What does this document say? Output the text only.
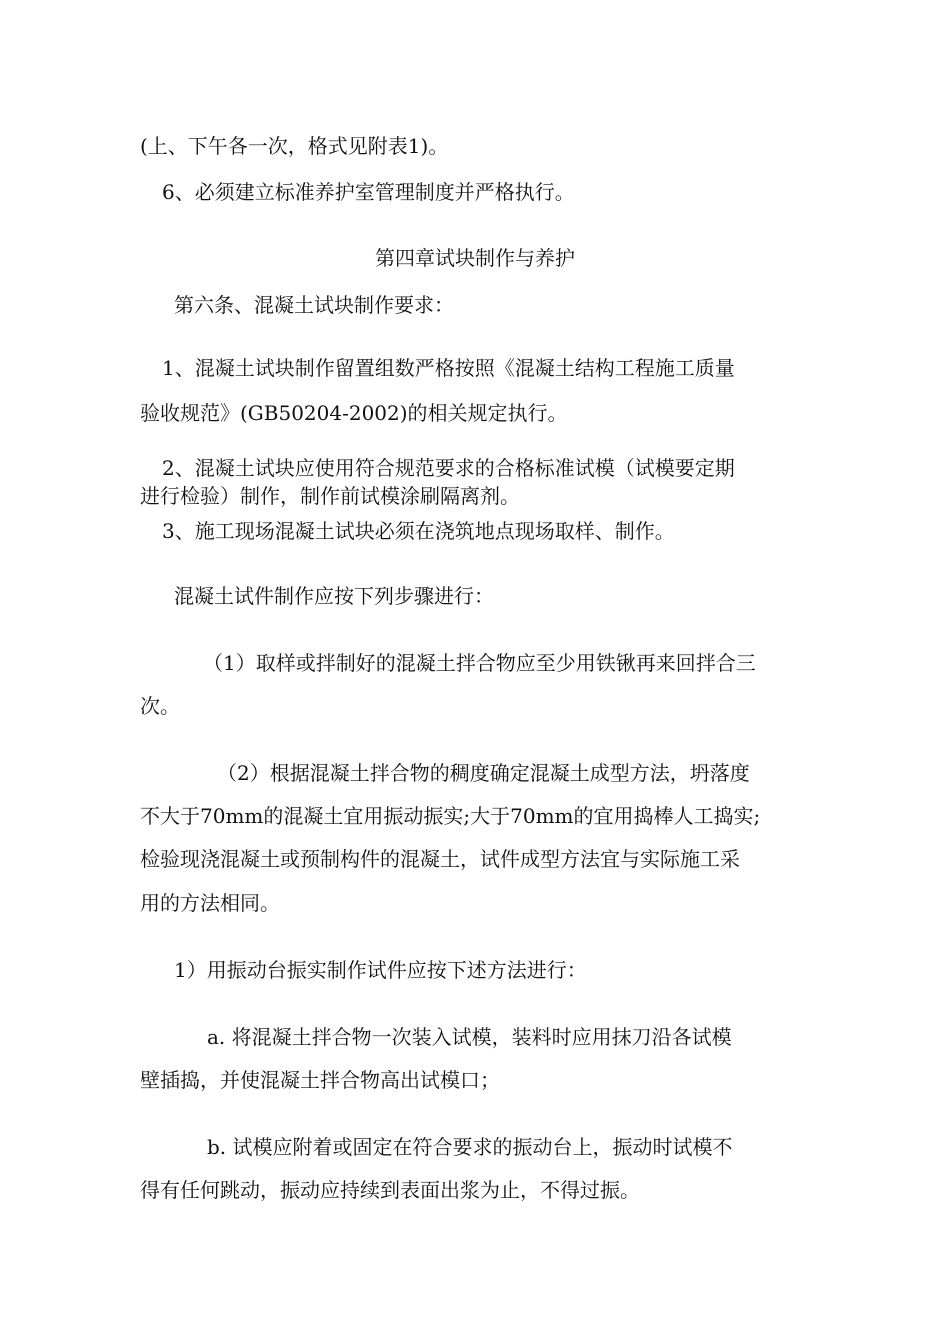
(上、下午各一次，格式见附表1)。
6、必须建立标准养护室管理制度并严格执行。
第四章试块制作与养护
第六条、混凝土试块制作要求：
1、混凝土试块制作留置组数严格按照《混凝土结构工程施工质量
验收规范》(GB50204-2002)的相关规定执行。
2、混凝土试块应使用符合规范要求的合格标准试模（试模要定期
进行检验）制作，制作前试模涂刷隔离剂。
3、施工现场混凝土试块必须在浇筑地点现场取样、制作。
混凝土试件制作应按下列步骤进行：
（1）取样或拌制好的混凝土拌合物应至少用铁锹再来回拌合三
次。
（2）根据混凝土拌合物的稠度确定混凝土成型方法，坍落度
不大于70mm的混凝土宜用振动振实;大于70mm的宜用捣棒人工捣实;
检验现浇混凝土或预制构件的混凝土，试件成型方法宜与实际施工采
用的方法相同。
1）用振动台振实制作试件应按下述方法进行：
a. 将混凝土拌合物一次装入试模，装料时应用抹刀沿各试模
壁插捣，并使混凝土拌合物高出试模口；
b. 试模应附着或固定在符合要求的振动台上，振动时试模不
得有任何跳动，振动应持续到表面出浆为止，不得过振。
